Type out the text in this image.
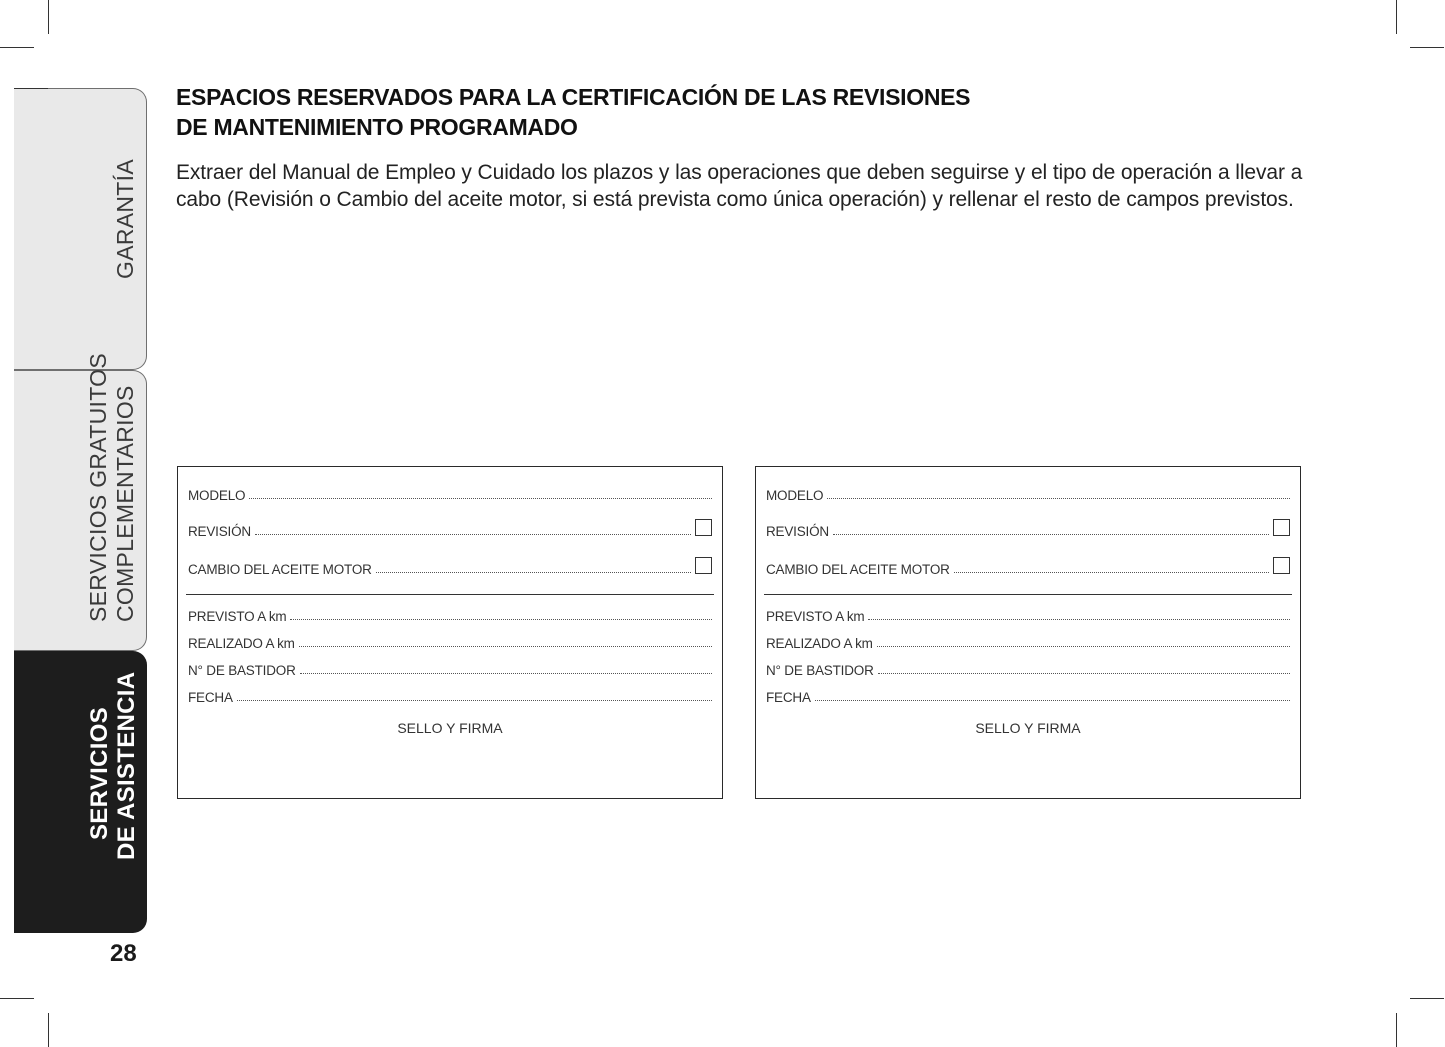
GARANTÍA
SERVICIOS GRATUITOS COMPLEMENTARIOS
SERVICIOS DE ASISTENCIA
28
ESPACIOS RESERVADOS PARA LA CERTIFICACIÓN DE LAS REVISIONES
DE MANTENIMIENTO PROGRAMADO
Extraer del Manual de Empleo y Cuidado los plazos y las operaciones que deben seguirse y el tipo de operación a llevar a cabo (Revisión o Cambio del aceite motor, si está prevista como única operación) y rellenar el resto de campos previstos.
MODELO
REVISIÓN
CAMBIO DEL ACEITE MOTOR
PREVISTO A km
REALIZADO A km
N° DE BASTIDOR
FECHA
SELLO Y FIRMA
MODELO
REVISIÓN
CAMBIO DEL ACEITE MOTOR
PREVISTO A km
REALIZADO A km
N° DE BASTIDOR
FECHA
SELLO Y FIRMA
